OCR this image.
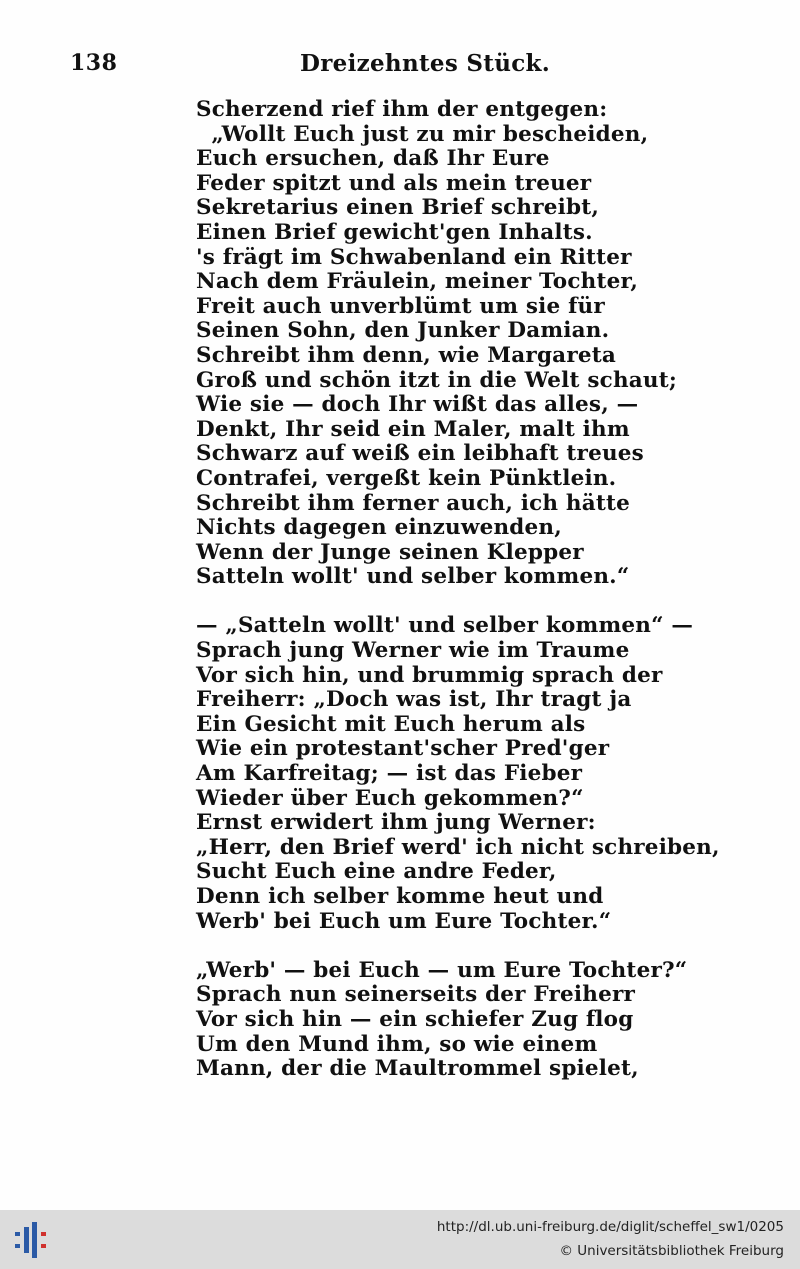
138	Dreizehntes Stück.
Scherzend rief ihm der entgegen:
„Wollt Euch just zu mir bescheiden,
Euch ersuchen, daß Ihr Eure
Feder spitzt und als mein treuer
Sekretarius einen Brief schreibt,
Einen Brief gewicht'gen Inhalts.
's frägt im Schwabenland ein Ritter
Nach dem Fräulein, meiner Tochter,
Freit auch unverblümt um sie für
Seinen Sohn, den Junker Damian.
Schreibt ihm denn, wie Margareta
Groß und schön itzt in die Welt schaut;
Wie sie — doch Ihr wißt das alles, —
Denkt, Ihr seid ein Maler, malt ihm
Schwarz auf weiß ein leibhaft treues
Contrafei, vergeßt kein Pünktlein.
Schreibt ihm ferner auch, ich hätte
Nichts dagegen einzuwenden,
Wenn der Junge seinen Klepper
Satteln wollt' und selber kommen.“
— „Satteln wollt' und selber kommen“ —
Sprach jung Werner wie im Traume
Vor sich hin, und brummig sprach der
Freiherr: „Doch was ist, Ihr tragt ja
Ein Gesicht mit Euch herum als
Wie ein protestant'scher Pred'ger
Am Karfreitag; — ist das Fieber
Wieder über Euch gekommen?“
Ernst erwidert ihm jung Werner:
„Herr, den Brief werd' ich nicht schreiben,
Sucht Euch eine andre Feder,
Denn ich selber komme heut und
Werb' bei Euch um Eure Tochter.“
„Werb' — bei Euch — um Eure Tochter?“
Sprach nun seinerseits der Freiherr
Vor sich hin — ein schiefer Zug flog
Um den Mund ihm, so wie einem
Mann, der die Maultrommel spielet,
http://dl.ub.uni-freiburg.de/diglit/scheffel_sw1/0205
© Universitätsbibliothek Freiburg
